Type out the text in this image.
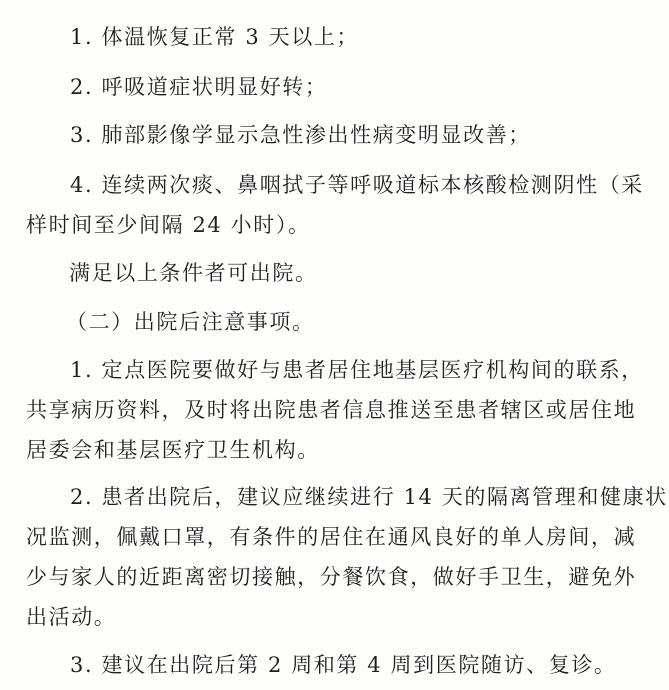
1. 体温恢复正常 3 天以上；
2. 呼吸道症状明显好转；
3. 肺部影像学显示急性渗出性病变明显改善；
4. 连续两次痰、鼻咽拭子等呼吸道标本核酸检测阴性（采
样时间至少间隔 24 小时）。
满足以上条件者可出院。
（二）出院后注意事项。
1. 定点医院要做好与患者居住地基层医疗机构间的联系，
共享病历资料，及时将出院患者信息推送至患者辖区或居住地
居委会和基层医疗卫生机构。
2. 患者出院后，建议应继续进行 14 天的隔离管理和健康状
况监测，佩戴口罩，有条件的居住在通风良好的单人房间，减
少与家人的近距离密切接触，分餐饮食，做好手卫生，避免外
出活动。
3. 建议在出院后第 2 周和第 4 周到医院随访、复诊。
